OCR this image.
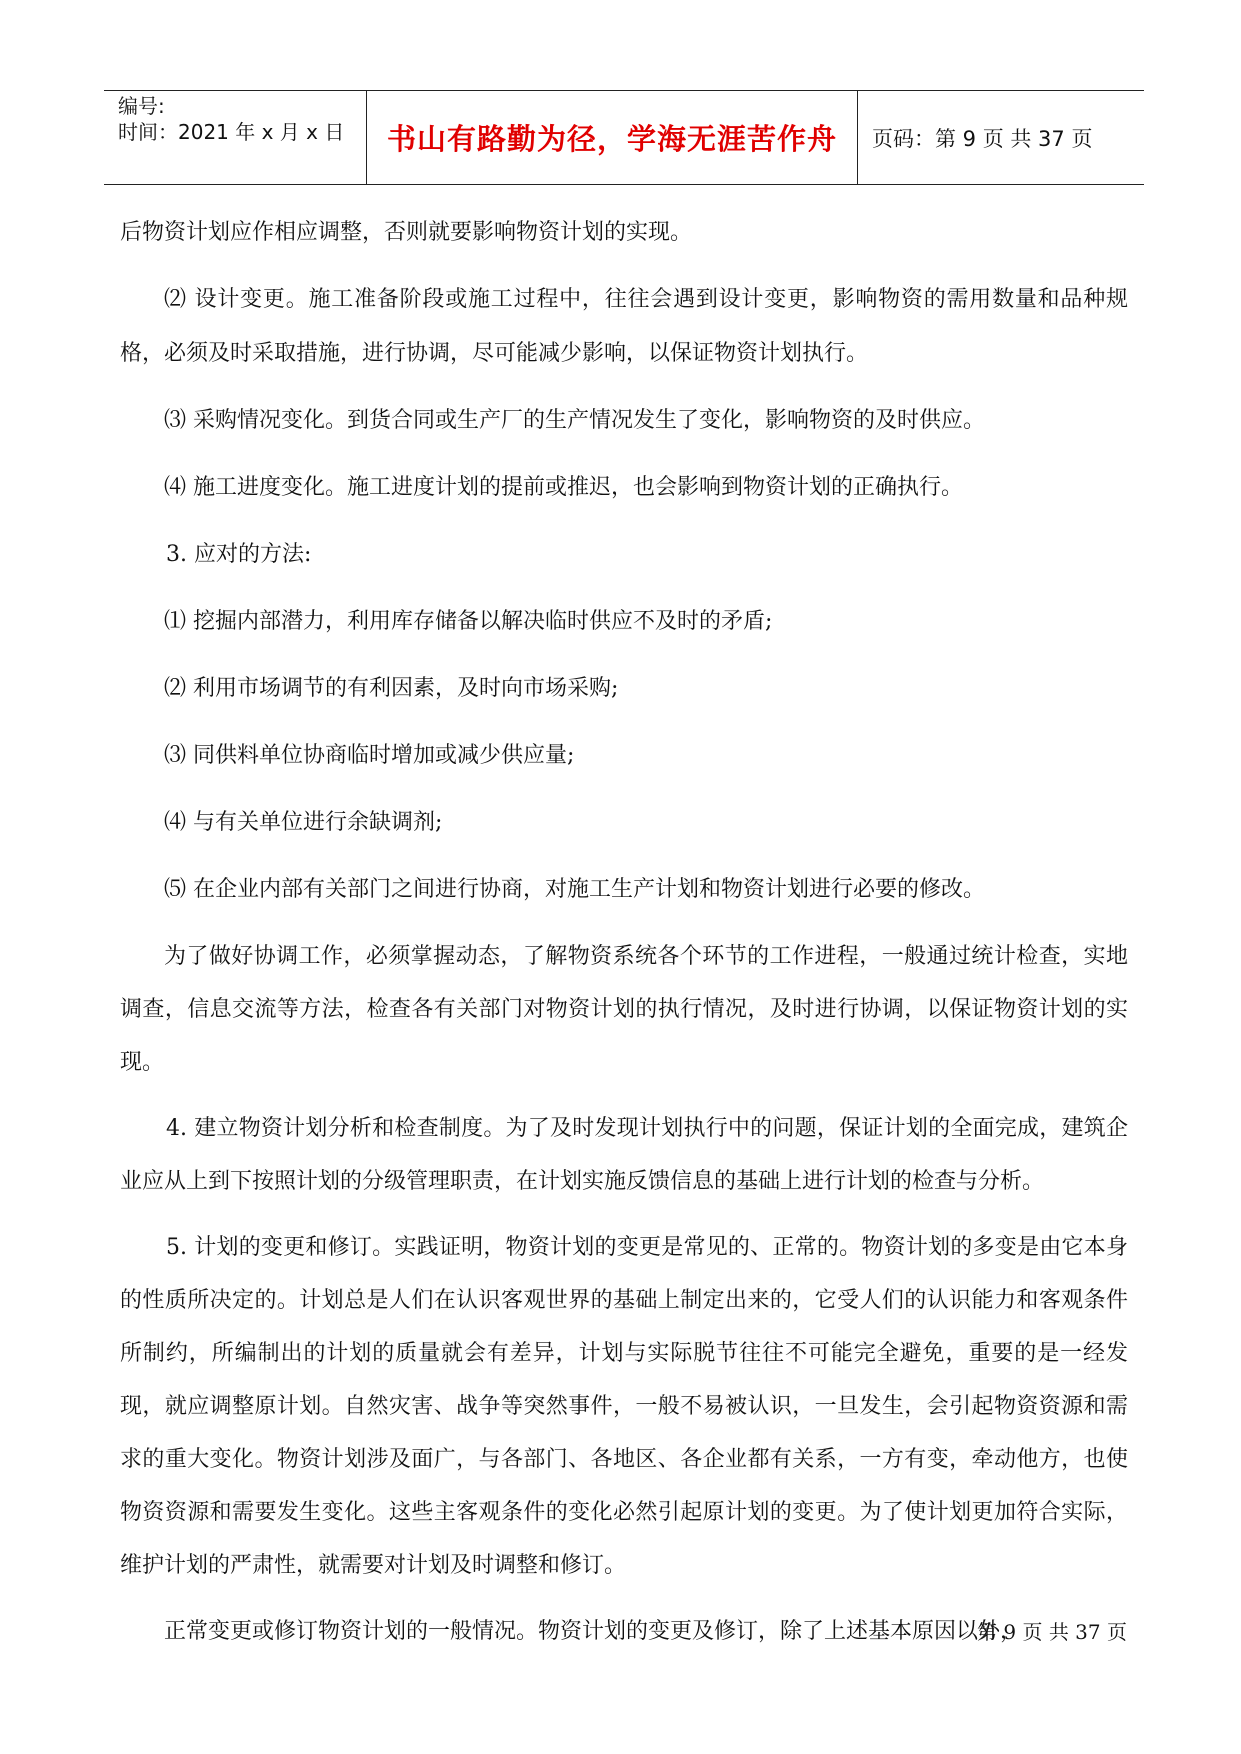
编号:
时间：2021 年 x 月 x 日 书山有路勤为径，学海无涯苦作舟 页码：第 9 页 共 37 页

后物资计划应作相应调整，否则就要影响物资计划的实现。

⑵ 设计变更。施工准备阶段或施工过程中，往往会遇到设计变更，影响物资的需用数量和品种规格，必须及时采取措施，进行协调，尽可能减少影响，以保证物资计划执行。

⑶ 采购情况变化。到货合同或生产厂的生产情况发生了变化，影响物资的及时供应。

⑷ 施工进度变化。施工进度计划的提前或推迟，也会影响到物资计划的正确执行。

3. 应对的方法:

⑴ 挖掘内部潜力，利用库存储备以解决临时供应不及时的矛盾;

⑵ 利用市场调节的有利因素，及时向市场采购;

⑶ 同供料单位协商临时增加或减少供应量;

⑷ 与有关单位进行余缺调剂;

⑸ 在企业内部有关部门之间进行协商，对施工生产计划和物资计划进行必要的修改。

为了做好协调工作，必须掌握动态，了解物资系统各个环节的工作进程，一般通过统计检查，实地调查，信息交流等方法，检查各有关部门对物资计划的执行情况，及时进行协调，以保证物资计划的实现。

4. 建立物资计划分析和检查制度。为了及时发现计划执行中的问题，保证计划的全面完成，建筑企业应从上到下按照计划的分级管理职责，在计划实施反馈信息的基础上进行计划的检查与分析。

5. 计划的变更和修订。实践证明，物资计划的变更是常见的、正常的。物资计划的多变是由它本身的性质所决定的。计划总是人们在认识客观世界的基础上制定出来的，它受人们的认识能力和客观条件所制约，所编制出的计划的质量就会有差异，计划与实际脱节往往不可能完全避免，重要的是一经发现，就应调整原计划。自然灾害、战争等突然事件，一般不易被认识，一旦发生，会引起物资资源和需求的重大变化。物资计划涉及面广，与各部门、各地区、各企业都有关系，一方有变，牵动他方，也使物资资源和需要发生变化。这些主客观条件的变化必然引起原计划的变更。为了使计划更加符合实际，维护计划的严肃性，就需要对计划及时调整和修订。

正常变更或修订物资计划的一般情况。物资计划的变更及修订，除了上述基本原因以外，

第 9 页 共 37 页
